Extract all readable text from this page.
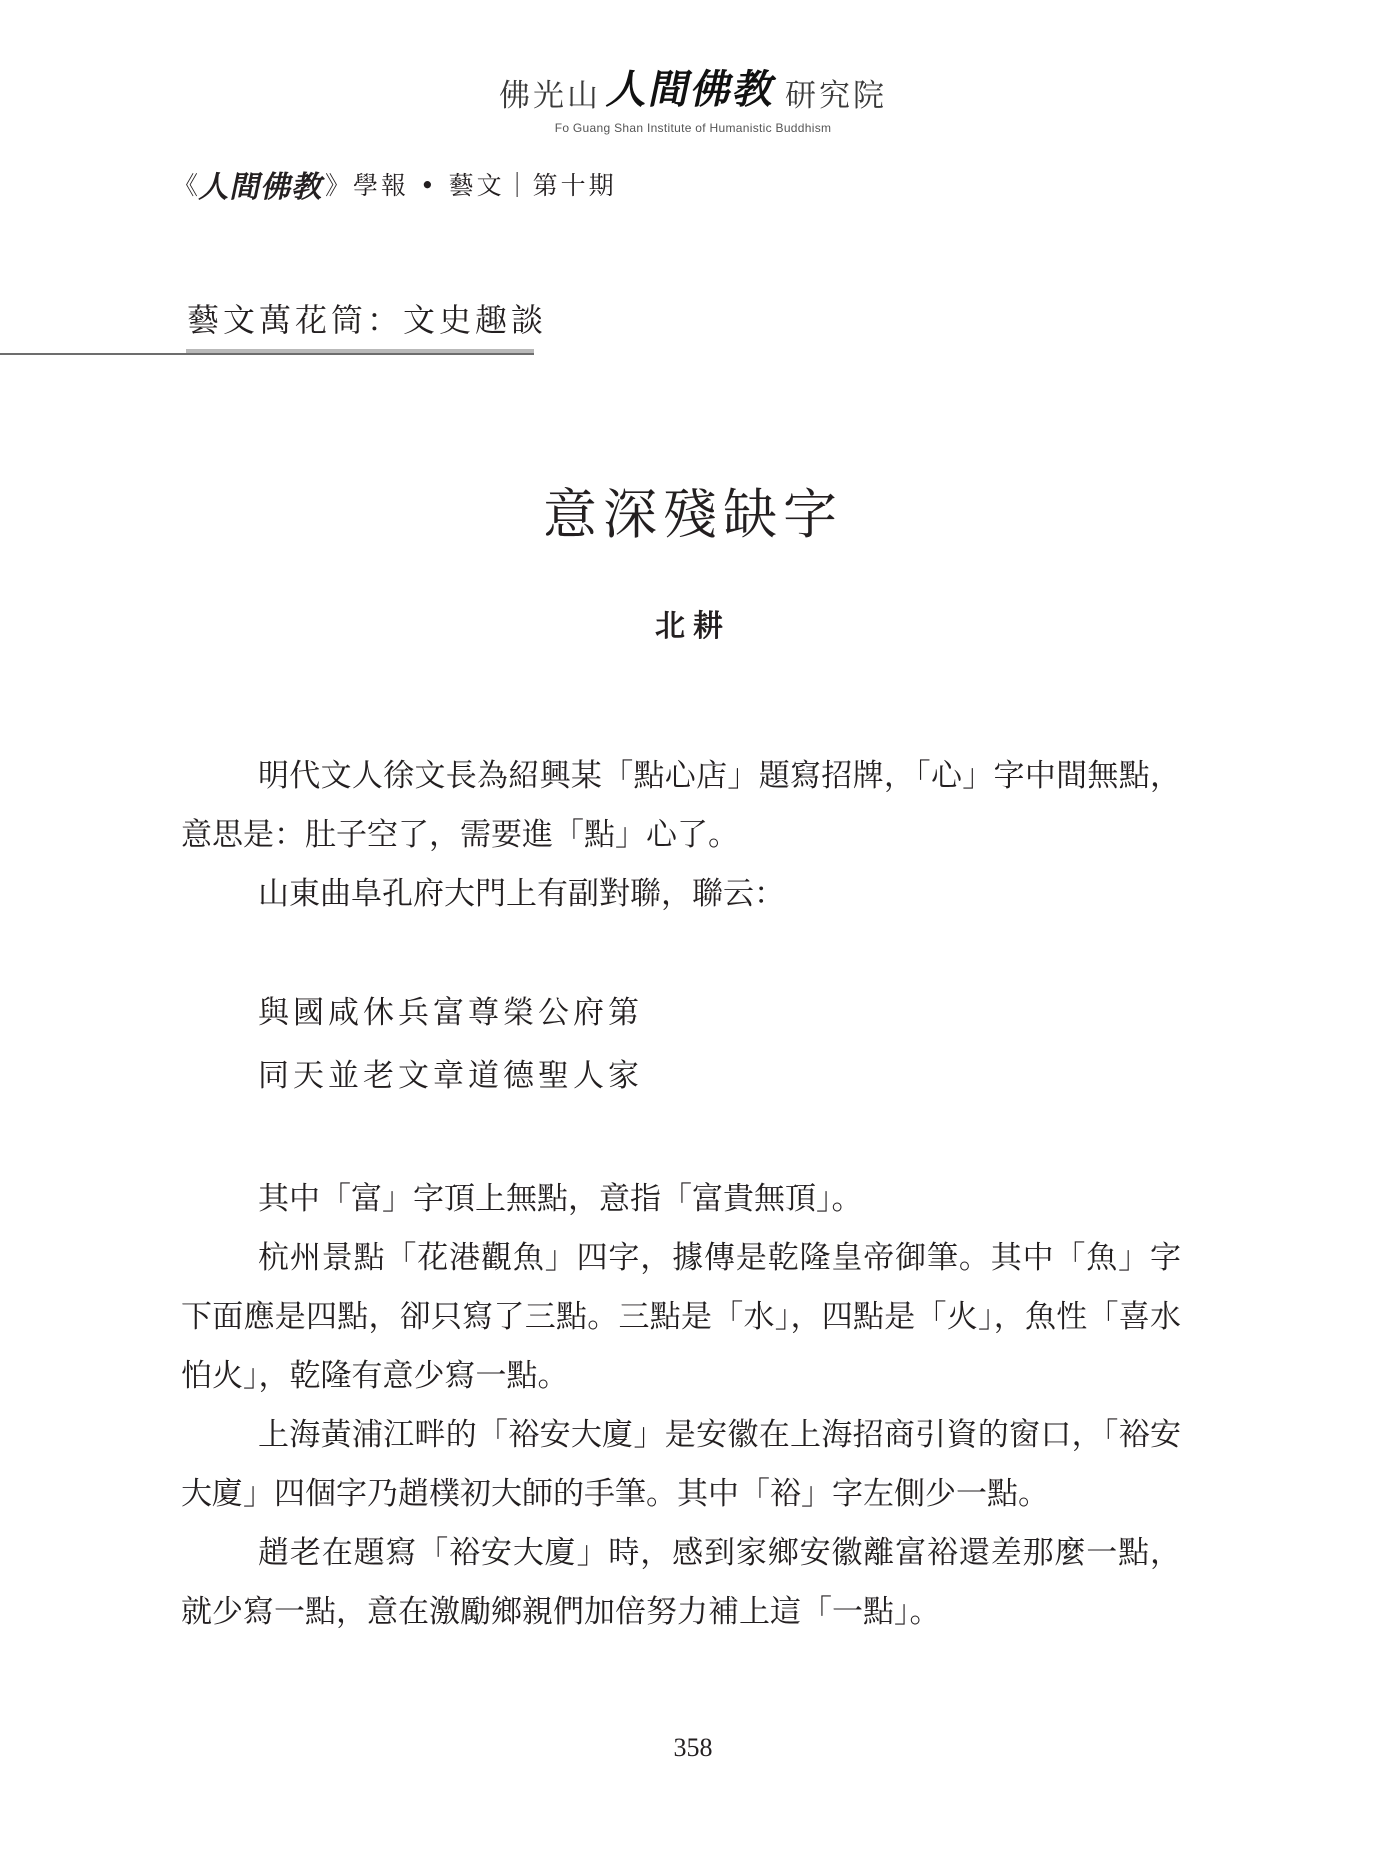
佛光山 人間佛教 研究院
Fo Guang Shan Institute of Humanistic Buddhism
《
人間佛教
》 學報 • 藝文｜第十期
藝文萬花筒：文史趣談
意深殘缺字
北耕

明代文人徐文長為紹興某「點心店」題寫招牌，「心」字中間無點，意思是：肚子空了，需要進「點」心了。

山東曲阜孔府大門上有副對聯，聯云：

與國咸休兵富尊榮公府第
同天並老文章道德聖人家

其中「富」字頂上無點，意指「富貴無頂」。

杭州景點「花港觀魚」四字，據傳是乾隆皇帝御筆。其中「魚」字下面應是四點，卻只寫了三點。三點是「水」，四點是「火」，魚性「喜水怕火」，乾隆有意少寫一點。

上海黃浦江畔的「裕安大廈」是安徽在上海招商引資的窗口，「裕安大廈」四個字乃趙樸初大師的手筆。其中「裕」字左側少一點。

趙老在題寫「裕安大廈」時，感到家鄉安徽離富裕還差那麼一點，就少寫一點，意在激勵鄉親們加倍努力補上這「一點」。

358
